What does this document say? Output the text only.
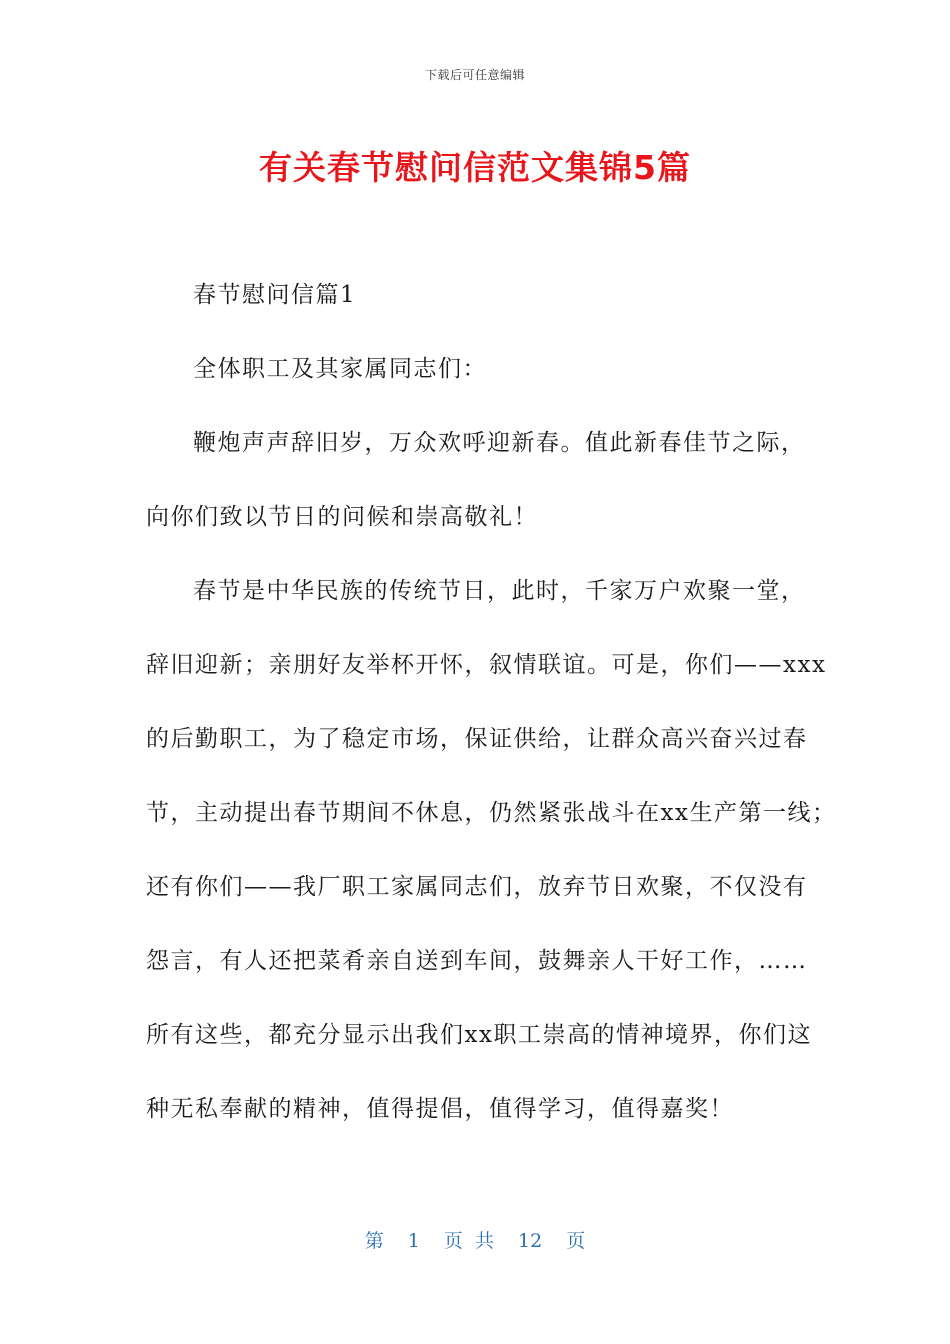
下载后可任意编辑
有关春节慰问信范文集锦5篇
春节慰问信篇1
全体职工及其家属同志们：
鞭炮声声辞旧岁，万众欢呼迎新春。值此新春佳节之际，
向你们致以节日的问候和崇高敬礼！
春节是中华民族的传统节日，此时，千家万户欢聚一堂，
辞旧迎新；亲朋好友举杯开怀，叙情联谊。可是，你们——xxx
的后勤职工，为了稳定市场，保证供给，让群众高兴奋兴过春
节，主动提出春节期间不休息，仍然紧张战斗在xx生产第一线；
还有你们——我厂职工家属同志们，放弃节日欢聚，不仅没有
怨言，有人还把菜肴亲自送到车间，鼓舞亲人干好工作，……
所有这些，都充分显示出我们xx职工崇高的情神境界，你们这
种无私奉献的精神，值得提倡，值得学习，值得嘉奖！
第 1 页 共 12 页
